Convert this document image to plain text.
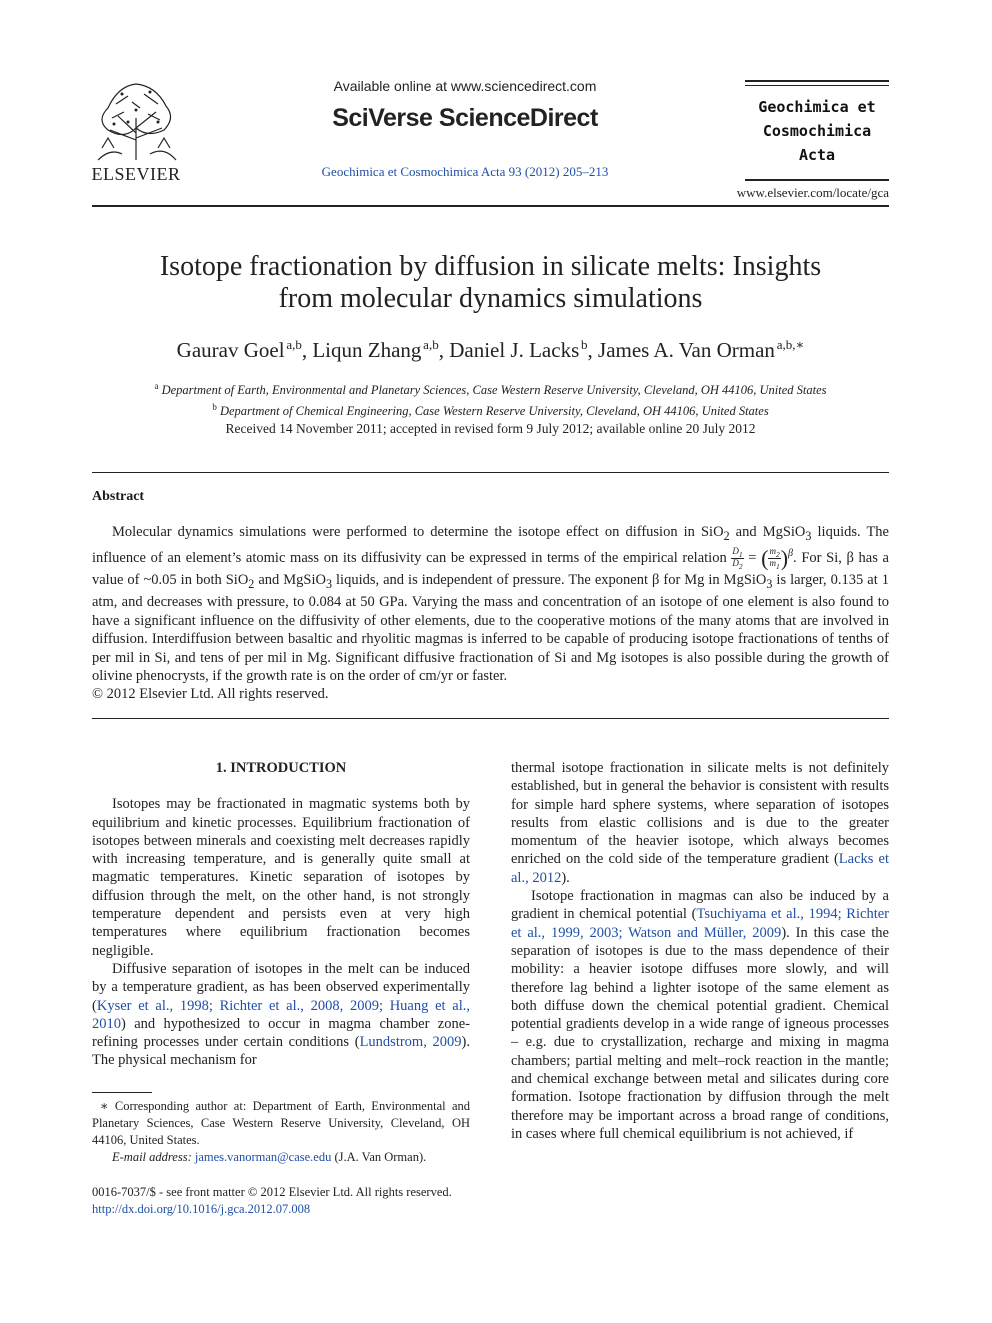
ELSEVIER
Available online at www.sciencedirect.com
SciVerse ScienceDirect
Geochimica et Cosmochimica Acta 93 (2012) 205–213
Geochimica et
Cosmochimica
Acta
www.elsevier.com/locate/gca
Isotope fractionation by diffusion in silicate melts: Insights
from molecular dynamics simulations
Gaurav Goel  $^{a,b}$, Liqun Zhang  $^{a,b}$, Daniel J. Lacks  $^b$, James A. Van Orman  $^{a,b,∗}$
$^a$ Department of Earth, Environmental and Planetary Sciences, Case Western Reserve University, Cleveland, OH 44106, United States
$^b$ Department of Chemical Engineering, Case Western Reserve University, Cleveland, OH 44106, United States
Received 14 November 2011; accepted in revised form 9 July 2012; available online 20 July 2012
Abstract
Molecular dynamics simulations were performed to determine the isotope effect on diffusion in SiO$_2$ and MgSiO$_3$ liquids. The influence of an element’s atomic mass on its diffusivity can be expressed in terms of the empirical relation $\frac{D_1}{D_2}$ = ( $\frac{m_2}{m_1} )^\beta$. For Si, β has a value of ~0.05 in both SiO$_2$ and MgSiO$_3$ liquids, and is independent of pressure. The exponent β for Mg in MgSiO$_3$ is larger, 0.135 at 1 atm, and decreases with pressure, to 0.084 at 50 GPa. Varying the mass and concentration of an isotope of one element is also found to have a significant influence on the diffusivity of other elements, due to the cooperative motions of the many atoms that are involved in diffusion. Interdiffusion between basaltic and rhyolitic magmas is inferred to be capable of producing isotope fractionations of tenths of per mil in Si, and tens of per mil in Mg. Significant diffusive fractionation of Si and Mg isotopes is also possible during the growth of olivine phenocrysts, if the growth rate is on the order of cm/yr or faster.
© 2012 Elsevier Ltd. All rights reserved.
1. INTRODUCTION

Isotopes may be fractionated in magmatic systems both by equilibrium and kinetic processes. Equilibrium fractionation of isotopes between minerals and coexisting melt decreases rapidly with increasing temperature, and is generally quite small at magmatic temperatures. Kinetic separation of isotopes by diffusion through the melt, on the other hand, is not strongly temperature dependent and persists even at very high temperatures where equilibrium fractionation becomes negligible.

Diffusive separation of isotopes in the melt can be induced by a temperature gradient, as has been observed experimentally (Kyser et al., 1998; Richter et al., 2008, 2009; Huang et al., 2010) and hypothesized to occur in magma chamber zone-refining processes under certain conditions (Lundstrom, 2009). The physical mechanism for

∗ Corresponding author at: Department of Earth, Environmental and Planetary Sciences, Case Western Reserve University, Cleveland, OH 44106, United States.

E-mail address: james.vanorman@case.edu (J.A. Van Orman).

0016-7037/$ - see front matter © 2012 Elsevier Ltd. All rights reserved.
http://dx.doi.org/10.1016/j.gca.2012.07.008

thermal isotope fractionation in silicate melts is not definitely established, but in general the behavior is consistent with results for simple hard sphere systems, where separation of isotopes results from elastic collisions and is due to the greater momentum of the heavier isotope, which always becomes enriched on the cold side of the temperature gradient (Lacks et al., 2012).

Isotope fractionation in magmas can also be induced by a gradient in chemical potential (Tsuchiyama et al., 1994; Richter et al., 1999, 2003; Watson and Müller, 2009). In this case the separation of isotopes is due to the mass dependence of their mobility: a heavier isotope diffuses more slowly, and will therefore lag behind a lighter isotope of the same element as both diffuse down the chemical potential gradient. Chemical potential gradients develop in a wide range of igneous processes – e.g. due to crystallization, recharge and mixing in magma chambers; partial melting and melt–rock reaction in the mantle; and chemical exchange between metal and silicates during core formation. Isotope fractionation by diffusion through the melt therefore may be important across a broad range of conditions, in cases where full chemical equilibrium is not achieved, if
